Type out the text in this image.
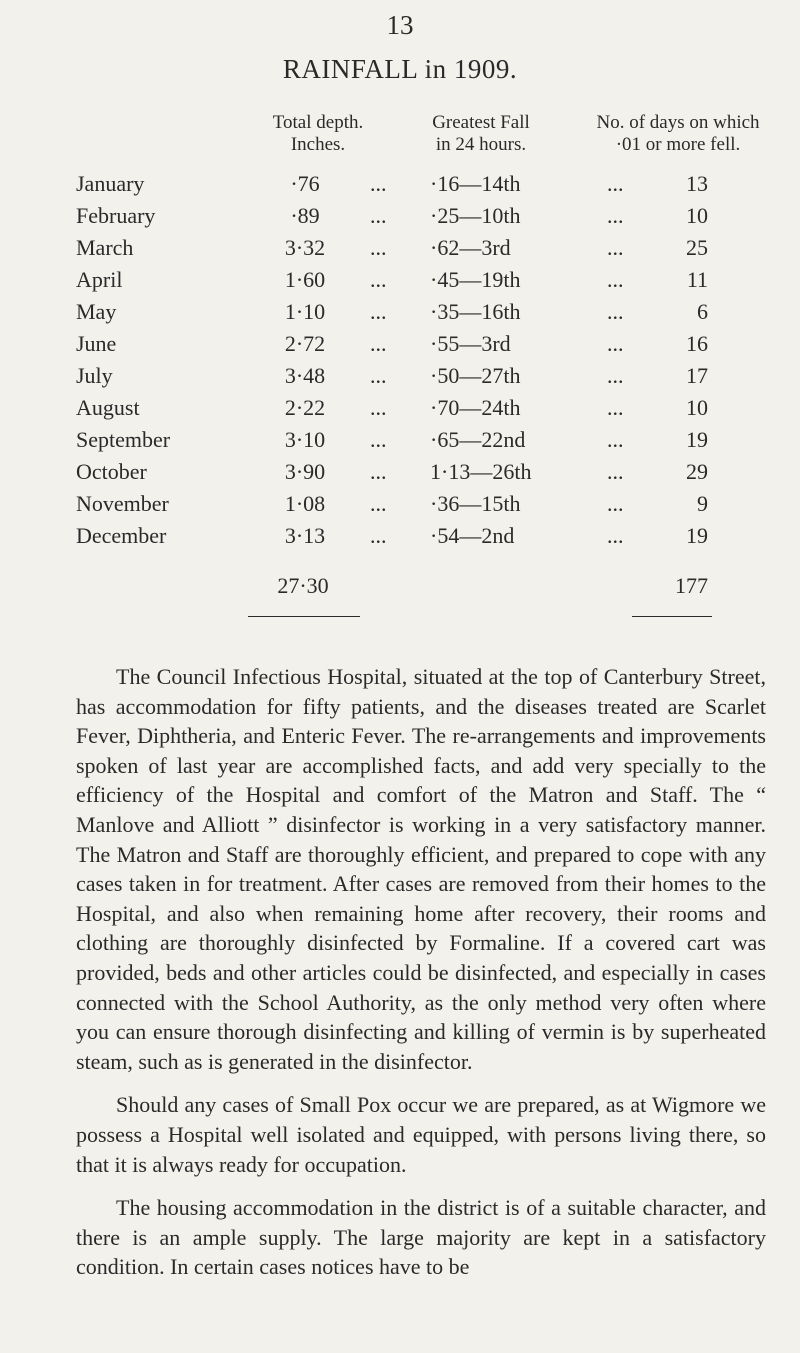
13
RAINFALL in 1909.
Total depth.
Inches.
Greatest Fall
in 24 hours.
No. of days on which
·01 or more fell.
January	·76	... ·16—14th	...	13
February	·89	... ·25—10th	...	10
March	3·32	... ·62—3rd	...	25
April	1·60	... ·45—19th	...	11
May	1·10	... ·35—16th	...	6
June	2·72	... ·55—3rd	...	16
July	3·48	... ·50—27th	...	17
August	2·22	... ·70—24th	...	10
September	3·10	... ·65—22nd	...	19
October	3·90	... 1·13—26th	...	29
November	1·08	... ·36—15th	...	9
December	3·13	... ·54—2nd	...	19
27·30	177

The Council Infectious Hospital, situated at the top of Canterbury Street, has accommodation for fifty patients, and the diseases treated are Scarlet Fever, Diphtheria, and Enteric Fever. The re-arrangements and improvements spoken of last year are accomplished facts, and add very specially to the efficiency of the Hospital and comfort of the Matron and Staff. The “ Manlove and Alliott ” disinfector is working in a very satisfactory manner. The Matron and Staff are thoroughly efficient, and prepared to cope with any cases taken in for treatment. After cases are removed from their homes to the Hospital, and also when remaining home after recovery, their rooms and clothing are thoroughly disinfected by Formaline. If a covered cart was provided, beds and other articles could be disinfected, and especially in cases connected with the School Authority, as the only method very often where you can ensure thorough disinfecting and killing of vermin is by superheated steam, such as is generated in the disinfector.

Should any cases of Small Pox occur we are prepared, as at Wigmore we possess a Hospital well isolated and equipped, with persons living there, so that it is always ready for occupation.

The housing accommodation in the district is of a suitable character, and there is an ample supply. The large majority are kept in a satisfactory condition. In certain cases notices have to be
